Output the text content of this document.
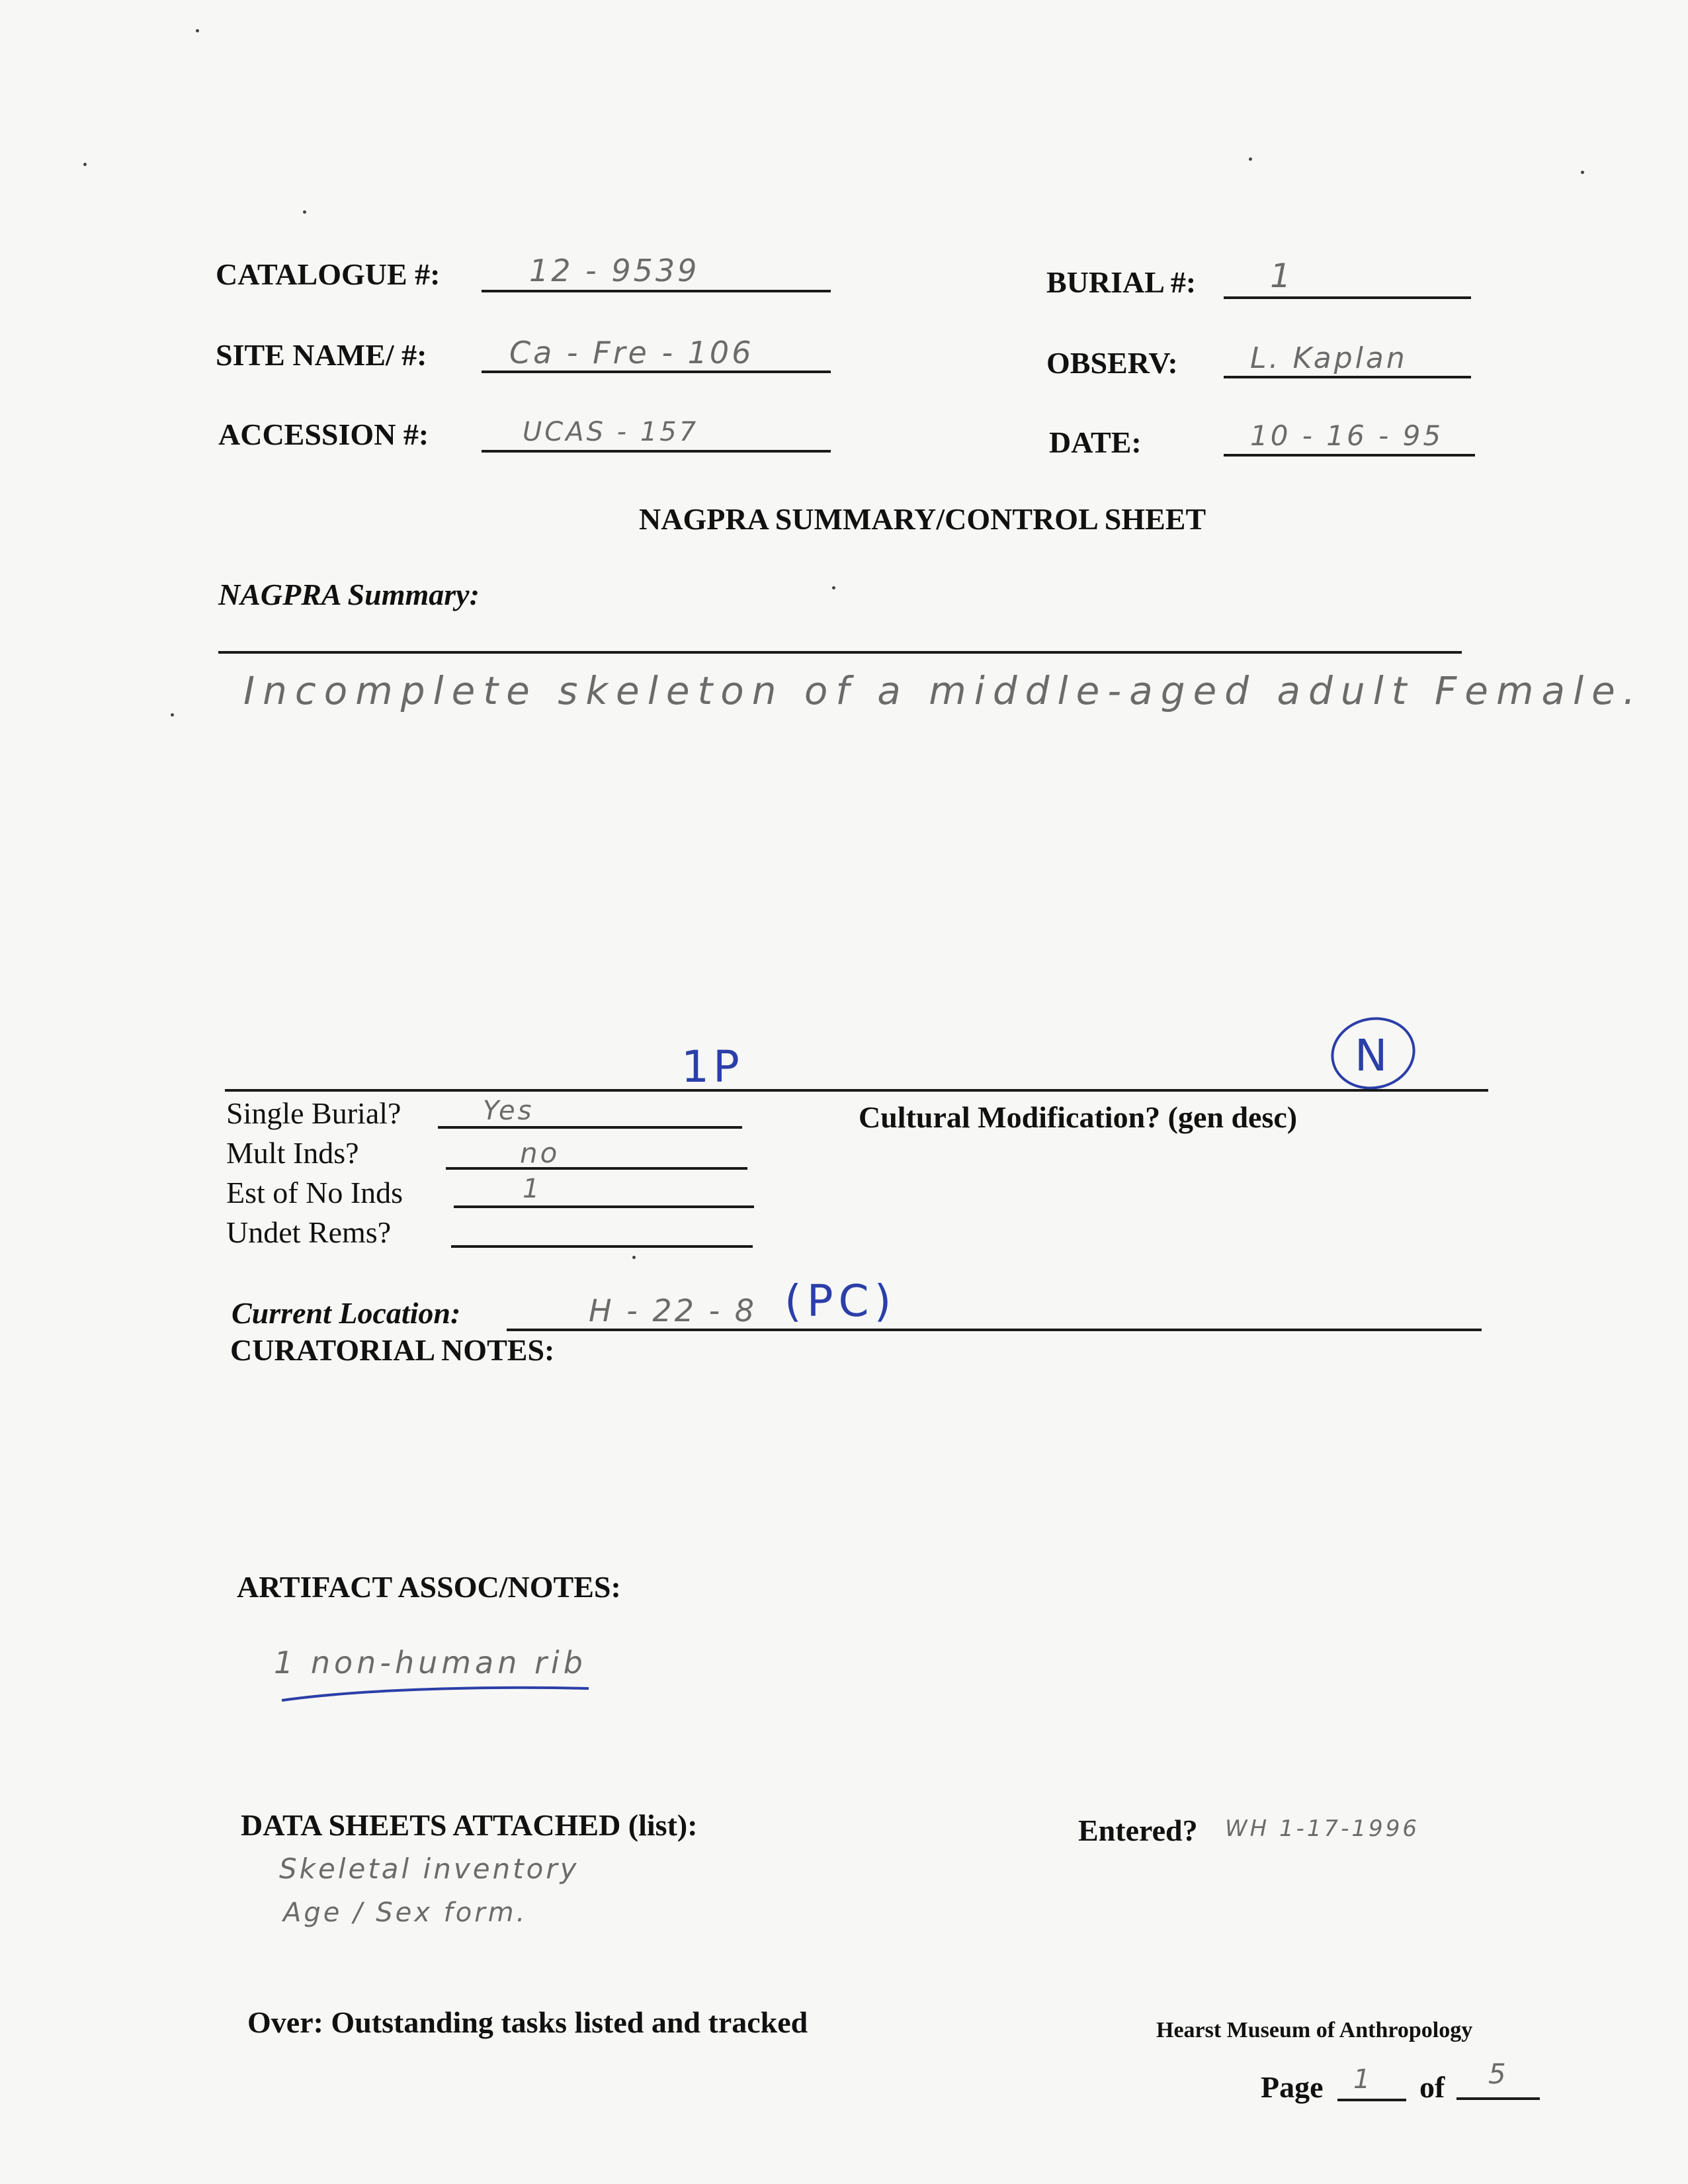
CATALOGUE #:	12 - 9539	BURIAL #: 1
SITE NAME/ #:	Ca - Fre - 106	OBSERV: L. Kaplan
ACCESSION #:	UCAS - 157	DATE:	10 - 16 - 95
NAGPRA SUMMARY/CONTROL SHEET
NAGPRA Summary:
Incomplete skeleton of a middle-aged adult Female.
1P	N
Single Burial?	Yes	Cultural Modification? (gen desc)
Mult Inds?	no
Est of No Inds	1
Undet Rems?
Current Location:	H - 22 - 8 (PC)
CURATORIAL NOTES:
ARTIFACT ASSOC/NOTES:
1 non-human rib
DATA SHEETS ATTACHED (list):
Skeletal inventory
Age / Sex form.
Entered? WH 1-17-1996
Over: Outstanding tasks listed and tracked	Hearst Museum of Anthropology
Page 1 of 5
